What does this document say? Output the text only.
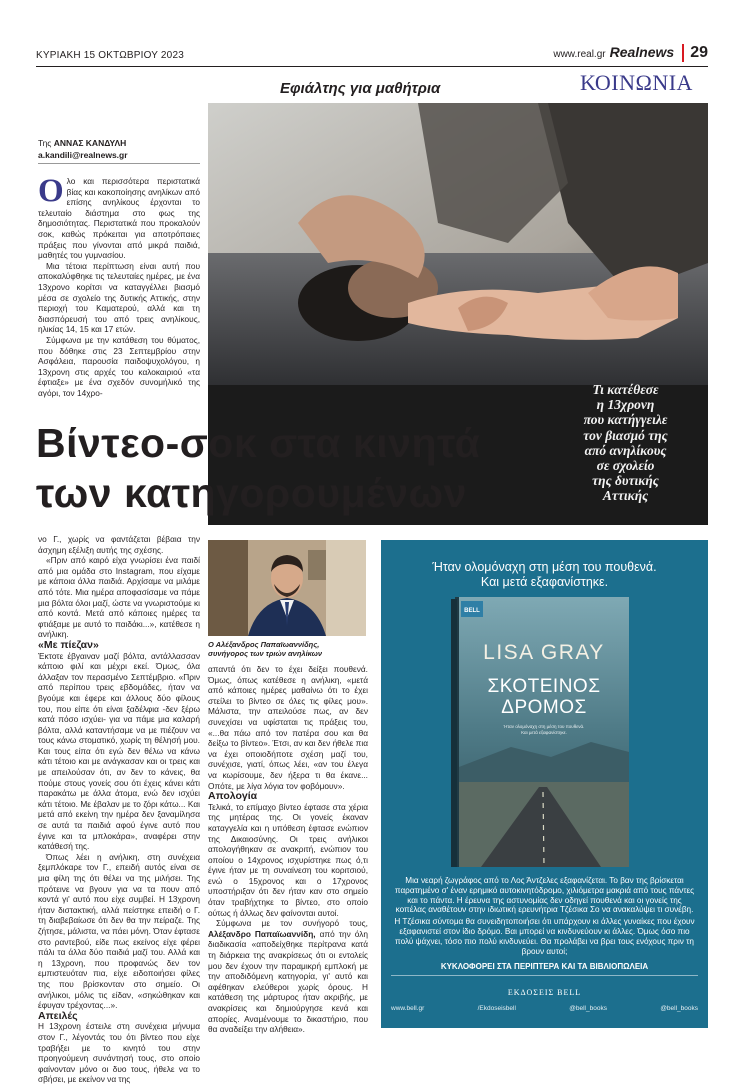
ΚΥΡΙΑΚΗ 15 ΟΚΤΩΒΡΙΟΥ 2023	www.real.gr Realnews	29
Εφιάλτης για μαθήτρια	ΚΟΙΝΩΝΙΑ
Βίντεο-σοκ στα κινητά
των κατηγορουμένων
Τι κατέθεσε
η 13χρονη
που κατήγγειλε
τον βιασμό της
από ανηλίκους
σε σχολείο
της δυτικής
Αττικής
Της ΑΝΝΑΣ ΚΑΝΔΥΛΗ
a.kandili@realnews.gr

Ολο και περισσότερα περιστατικά βίας και κακοποίησης ανηλίκων από επίσης ανηλίκους έρχονται το τελευταίο διάστημα στο φως της δημοσιότητας. Περιστατικά που προκαλούν σοκ, καθώς πρόκειται για αποτρόπαιες πράξεις που γίνονται από μικρά παιδιά, μαθητές του γυμνασίου.

Μια τέτοια περίπτωση είναι αυτή που αποκαλύφθηκε τις τελευταίες ημέρες, με ένα 13χρονο κορίτσι να καταγγέλλει βιασμό μέσα σε σχολείο της δυτικής Αττικής, στην περιοχή του Καματερού, αλλά και τη διασπόρευσή του από τρεις ανηλίκους, ηλικίας 14, 15 και 17 ετών.

Σύμφωνα με την κατάθεση του θύματος, που δόθηκε στις 23 Σεπτεμβρίου στην Ασφάλεια, παρουσία παιδοψυχολόγου, η 13χρονη στις αρχές του καλοκαιριού «τα έφτιαξε» με ένα σχεδόν συνομήλικό της αγόρι, τον 14χρο-

νο Γ., χωρίς να φαντάζεται βέβαια την άσχημη εξέλιξη αυτής της σχέσης.

«Πριν από καιρό είχα γνωρίσει ένα παιδί από μια ομάδα στο Instagram, που είχαμε με κάποια άλλα παιδιά. Αρχίσαμε να μιλάμε από τότε. Μια ημέρα αποφασίσαμε να πάμε μια βόλτα όλοι μαζί, ώστε να γνωριστούμε κι από κοντά. Μετά από κάποιες ημέρες τα φτιάξαμε με αυτό το παιδάκι...», κατέθεσε η ανήλικη.

«Με πίεζαν»

Έκτοτε έβγαιναν μαζί βόλτα, αντάλλασσαν κάποιο φιλί και μέχρι εκεί. Όμως, όλα άλλαξαν τον περασμένο Σεπτέμβριο. «Πριν από περίπου τρεις εβδομάδες, ήταν να βγούμε και έφερε και άλλους δύο φίλους του, που είπε ότι είναι ξαδέλφια -δεν ξέρω κατά πόσο ισχύει- για να πάμε μια καλαρή βόλτα, αλλά καταντήσαμε να με πιέζουν να τους κάνω στοματικό, χωρίς τη θέλησή μου. Και τους είπα ότι εγώ δεν θέλω να κάνω κάτι τέτοιο και με ανάγκασαν και οι τρεις και με απειλούσαν ότι, αν δεν το κάνεις, θα πούμε στους γονείς σου ότι έχεις κάνει κάτι παρακάτω με άλλα άτομα, ενώ δεν ισχύει κάτι τέτοιο. Με έβαλαν με το ζόρι κάτω... Και μετά από εκείνη την ημέρα δεν ξαναμίλησα σε αυτά τα παιδιά αφού έγινε αυτό που έγινε και τα μπλοκάρα», αναφέρει στην κατάθεσή της.

Όπως λέει η ανήλικη, στη συνέχεια ξεμπλόκαρε τον Γ., επειδή αυτός είναι σε μια φίλη της ότι θέλει να της μιλήσει. Της πρότεινε να βγουν για να τα πουν από κοντά γι' αυτό που είχε συμβεί. Η 13χρονη ήταν διστακτική, αλλά πείστηκε επειδή ο Γ. τη διαβεβαίωσε ότι δεν θα την πείραζε. Της ζήτησε, μάλιστα, να πάει μόνη. Όταν έφτασε στο ραντεβού, είδε πως εκείνος είχε φέρει πάλι τα άλλα δύο παιδιά μαζί του. Αλλά και η 13χρονη, που προφανώς δεν τον εμπιστευόταν πια, είχε ειδοποιήσει φίλες της που βρίσκονταν στο σημείο. Οι ανήλικοι, μόλις τις είδαν, «σηκώθηκαν και έφυγαν τρέχοντας...».

Απειλές

Η 13χρονη έστειλε στη συνέχεια μήνυμα στον Γ., λέγοντάς του ότι βίντεο που είχε τραβήξει με το κινητό του στην προηγούμενη συνάντησή τους, στο οποίο φαίνονταν μόνο οι δυο τους, ήθελε να το σβήσει, με εκείνον να της

Ο Αλέξανδρος Παπαϊωαννίδης,
συνήγορος των τριών ανηλίκων

απαντά ότι δεν το έχει δείξει πουθενά. Όμως, όπως κατέθεσε η ανήλικη, «μετά από κάποιες ημέρες μαθαίνω ότι το έχει στείλει το βίντεο σε όλες τις φίλες μου». Μάλιστα, την απειλούσε πως, αν δεν συνεχίσει να υφίσταται τις πράξεις του, «...θα πάω από τον πατέρα σου και θα δείξω το βίντεο». Έτσι, αν και δεν ήθελε πια να έχει οποιοδήποτε σχέση μαζί του, συνέχισε, γιατί, όπως λέει, «αν του έλεγα να κωρίσουμε, δεν ήξερα τι θα έκανε... Οπότε, με λίγα λόγια τον φοβόμουν».

Απολογία

Τελικά, το επίμαχο βίντεο έφτασε στα χέρια της μητέρας της. Οι γονείς έκαναν καταγγελία και η υπόθεση έφτασε ενώπιον της Δικαιοσύνης. Οι τρεις ανήλικοι απολογήθηκαν σε ανακριτή, ενώπιον του οποίου ο 14χρονος ισχυρίστηκε πως ό,τι έγινε ήταν με τη συναίνεση του κοριτσιού, ενώ ο 15χρονος και ο 17χρονος υποστήριξαν ότι δεν ήταν καν στο σημείο όταν τραβήχτηκε το βίντεο, στο οποίο ούτως ή άλλως δεν φαίνονται αυτοί.

Σύμφωνα με τον συνήγορό τους, Αλέξανδρο Παπαϊωαννίδη, από την όλη διαδικασία «αποδείχθηκε περίτρανα κατά τη διάρκεια της ανακρίσεως ότι οι εντολείς μου δεν έχουν την παραμικρή εμπλοκή με την αποδιδόμενη κατηγορία, γι' αυτό και αφέθηκαν ελεύθεροι χωρίς όρους. Η κατάθεση της μάρτυρος ήταν ακριβής, με ανακρίσεις και δημιούργησε κενά και απορίες. Αναμένουμε το δικαστήριο, που θα αναδείξει την αλήθεια».

Ήταν ολομόναχη στη μέση του πουθενά.
Και μετά εξαφανίστηκε.
BELL
LISA GRAY
ΣΚΟΤΕΙΝΟΣ
ΔΡΟΜΟΣ
Ήταν ολομόναχη στη μέση του πουθενά.
Και μετά εξαφανίστηκε.
Μια νεαρή ζωγράφος από το Λος Άντζελες εξαφανίζεται. Το βαν της βρίσκεται παρατημένο σ' έναν ερημικό αυτοκινητόδρομο, χιλιόμετρα μακριά από τους πάντες και το πάντα. Η έρευνα της αστυνομίας δεν οδηγεί πουθενά και οι γονείς της κοπέλας αναθέτουν στην ιδιωτική ερευνήτρια Τζέσικα Σο να ανακαλύψει τι συνέβη.
Η Τζέσικα σύντομα θα συνειδητοποιήσει ότι υπάρχουν κι άλλες γυναίκες που έχουν εξαφανιστεί στον ίδιο δρόμο. Βαι μπορεί να κινδυνεύουν κι άλλες. Όμως όσο πιο πολύ ψάχνει, τόσο πιο πολύ κινδυνεύει. Θα προλάβει να βρει τους ενόχους πριν τη βρουν αυτοί;
ΚΥΚΛΟΦΟΡΕΙ ΣΤΑ ΠΕΡΙΠΤΕΡΑ ΚΑΙ ΤΑ ΒΙΒΛΙΟΠΩΛΕΙΑ
ΕΚΔΟΣΕΙΣ BELL
www.bell.gr	/Ekdoseisbell	@bell_books	@bell_books
